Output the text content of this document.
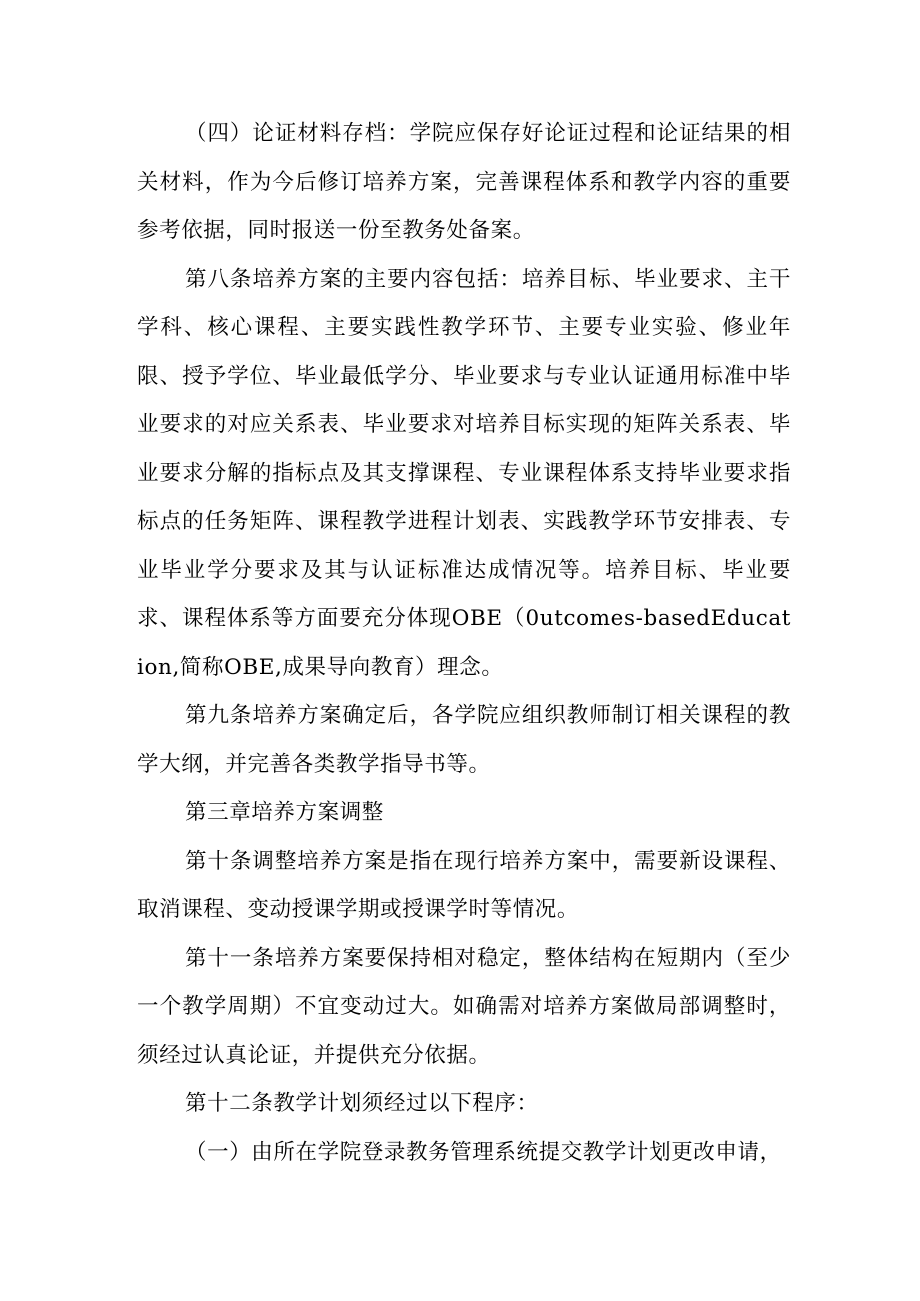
（四）论证材料存档：学院应保存好论证过程和论证结果的相关材料，作为今后修订培养方案，完善课程体系和教学内容的重要参考依据，同时报送一份至教务处备案。

第八条培养方案的主要内容包括：培养目标、毕业要求、主干学科、核心课程、主要实践性教学环节、主要专业实验、修业年限、授予学位、毕业最低学分、毕业要求与专业认证通用标准中毕业要求的对应关系表、毕业要求对培养目标实现的矩阵关系表、毕业要求分解的指标点及其支撑课程、专业课程体系支持毕业要求指标点的任务矩阵、课程教学进程计划表、实践教学环节安排表、专业毕业学分要求及其与认证标准达成情况等。培养目标、毕业要求、课程体系等方面要充分体现OBE（0utcomes-basedEducation,简称OBE,成果导向教育）理念。

第九条培养方案确定后，各学院应组织教师制订相关课程的教学大纲，并完善各类教学指导书等。

第三章培养方案调整

第十条调整培养方案是指在现行培养方案中，需要新设课程、取消课程、变动授课学期或授课学时等情况。

第十一条培养方案要保持相对稳定，整体结构在短期内（至少一个教学周期）不宜变动过大。如确需对培养方案做局部调整时，须经过认真论证，并提供充分依据。

第十二条教学计划须经过以下程序：

（一）由所在学院登录教务管理系统提交教学计划更改申请，
